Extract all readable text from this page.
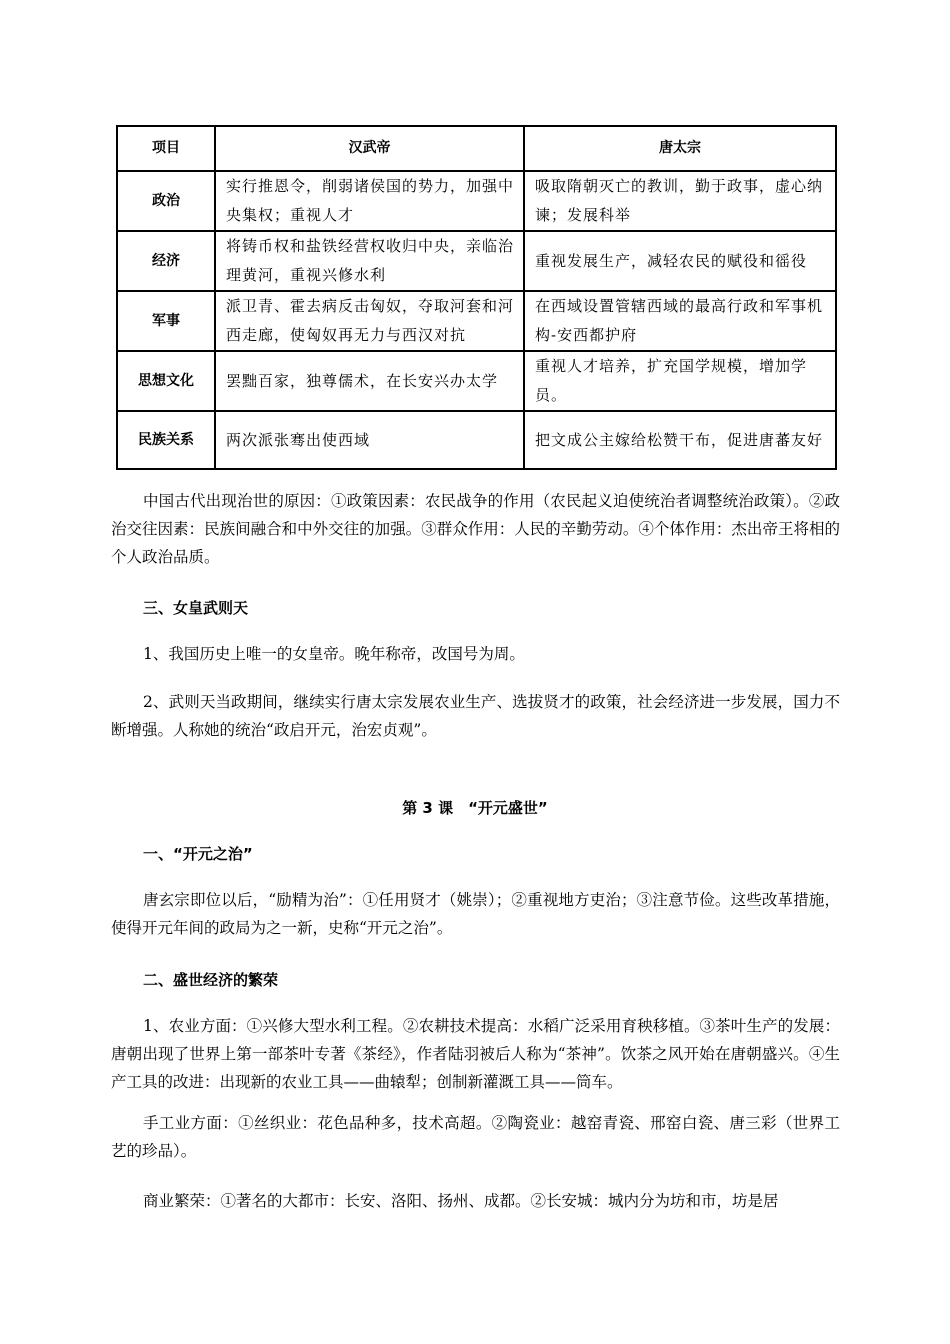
项目	汉武帝	唐太宗
政治	实行推恩令，削弱诸侯国的势力，加强中央集权；重视人才	吸取隋朝灭亡的教训，勤于政事，虚心纳谏；发展科举
经济	将铸币权和盐铁经营权收归中央，亲临治理黄河，重视兴修水利	重视发展生产，减轻农民的赋役和徭役
军事	派卫青、霍去病反击匈奴，夺取河套和河西走廊，使匈奴再无力与西汉对抗	在西域设置管辖西域的最高行政和军事机构-安西都护府
思想文化	罢黜百家，独尊儒术，在长安兴办太学	重视人才培养，扩充国学规模，增加学员。
民族关系	两次派张骞出使西域	把文成公主嫁给松赞干布，促进唐蕃友好

中国古代出现治世的原因：①政策因素：农民战争的作用（农民起义迫使统治者调整统治政策）。②政治交往因素：民族间融合和中外交往的加强。③群众作用：人民的辛勤劳动。④个体作用：杰出帝王将相的个人政治品质。

三、女皇武则天

1、我国历史上唯一的女皇帝。晚年称帝，改国号为周。

2、武则天当政期间，继续实行唐太宗发展农业生产、选拔贤才的政策，社会经济进一步发展，国力不断增强。人称她的统治“政启开元，治宏贞观”。

第 3 课　“开元盛世”

一、“开元之治”

唐玄宗即位以后，“励精为治”：①任用贤才（姚崇）；②重视地方吏治；③注意节俭。这些改革措施，使得开元年间的政局为之一新，史称“开元之治”。

二、盛世经济的繁荣

1、农业方面：①兴修大型水利工程。②农耕技术提高：水稻广泛采用育秧移植。③茶叶生产的发展：唐朝出现了世界上第一部茶叶专著《茶经》，作者陆羽被后人称为“茶神”。饮茶之风开始在唐朝盛兴。④生产工具的改进：出现新的农业工具——曲辕犁；创制新灌溉工具——筒车。

手工业方面：①丝织业：花色品种多，技术高超。②陶瓷业：越窑青瓷、邢窑白瓷、唐三彩（世界工艺的珍品）。

商业繁荣：①著名的大都市：长安、洛阳、扬州、成都。②长安城：城内分为坊和市，坊是居
